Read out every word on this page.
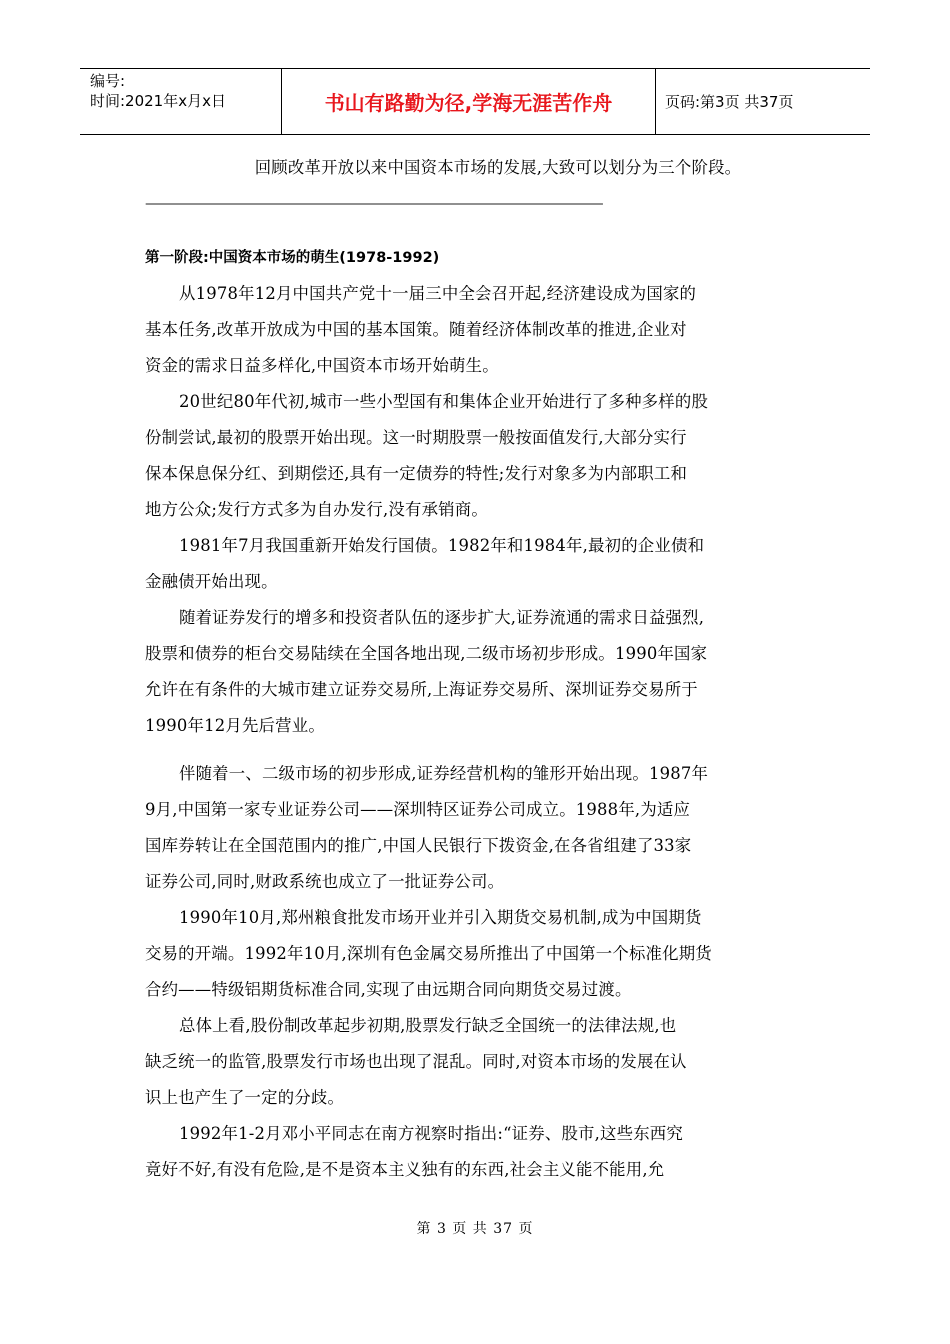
编号:
时间:2021年x月x日	书山有路勤为径,学海无涯苦作舟	页码:第3页 共37页
回顾改革开放以来中国资本市场的发展,大致可以划分为三个阶段。
————————————————————————————————————————
第一阶段:中国资本市场的萌生(1978-1992)
从1978年12月中国共产党十一届三中全会召开起,经济建设成为国家的
基本任务,改革开放成为中国的基本国策。随着经济体制改革的推进,企业对
资金的需求日益多样化,中国资本市场开始萌生。
20世纪80年代初,城市一些小型国有和集体企业开始进行了多种多样的股
份制尝试,最初的股票开始出现。这一时期股票一般按面值发行,大部分实行
保本保息保分红、到期偿还,具有一定债券的特性;发行对象多为内部职工和
地方公众;发行方式多为自办发行,没有承销商。
1981年7月我国重新开始发行国债。1982年和1984年,最初的企业债和
金融债开始出现。
随着证券发行的增多和投资者队伍的逐步扩大,证券流通的需求日益强烈,
股票和债券的柜台交易陆续在全国各地出现,二级市场初步形成。1990年国家
允许在有条件的大城市建立证券交易所,上海证券交易所、深圳证券交易所于
1990年12月先后营业。
伴随着一、二级市场的初步形成,证券经营机构的雏形开始出现。1987年
9月,中国第一家专业证券公司——深圳特区证券公司成立。1988年,为适应
国库券转让在全国范围内的推广,中国人民银行下拨资金,在各省组建了33家
证券公司,同时,财政系统也成立了一批证券公司。
1990年10月,郑州粮食批发市场开业并引入期货交易机制,成为中国期货
交易的开端。1992年10月,深圳有色金属交易所推出了中国第一个标准化期货
合约——特级铝期货标准合同,实现了由远期合同向期货交易过渡。
总体上看,股份制改革起步初期,股票发行缺乏全国统一的法律法规,也
缺乏统一的监管,股票发行市场也出现了混乱。同时,对资本市场的发展在认
识上也产生了一定的分歧。
1992年1-2月邓小平同志在南方视察时指出:“证券、股市,这些东西究
竟好不好,有没有危险,是不是资本主义独有的东西,社会主义能不能用,允
第 3 页 共 37 页
